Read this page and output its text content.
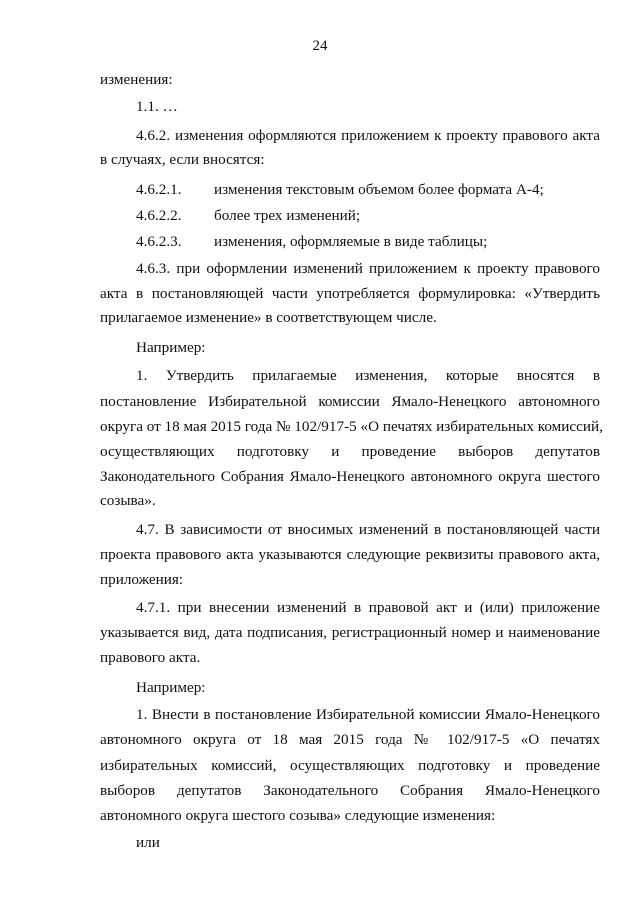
24
изменения:
1.1. …
4.6.2. изменения оформляются приложением к проекту правового акта
в случаях, если вносятся:
4.6.2.1. изменения текстовым объемом более формата А-4;
4.6.2.2. более трех изменений;
4.6.2.3. изменения, оформляемые в виде таблицы;
4.6.3. при оформлении изменений приложением к проекту правового
акта в постановляющей части употребляется формулировка: «Утвердить
прилагаемое изменение» в соответствующем числе.
Например:
1. Утвердить прилагаемые изменения, которые вносятся в
постановление Избирательной комиссии Ямало-Ненецкого автономного
округа от 18 мая 2015 года № 102/917-5 «О печатях избирательных комиссий,
осуществляющих подготовку и проведение выборов депутатов
Законодательного Собрания Ямало-Ненецкого автономного округа шестого
созыва».
4.7. В зависимости от вносимых изменений в постановляющей части
проекта правового акта указываются следующие реквизиты правового акта,
приложения:
4.7.1. при внесении изменений в правовой акт и (или) приложение
указывается вид, дата подписания, регистрационный номер и наименование
правового акта.
Например:
1. Внести в постановление Избирательной комиссии Ямало-Ненецкого
автономного округа от 18 мая 2015 года № 102/917-5 «О печатях
избирательных комиссий, осуществляющих подготовку и проведение
выборов депутатов Законодательного Собрания Ямало-Ненецкого
автономного округа шестого созыва» следующие изменения:
или
